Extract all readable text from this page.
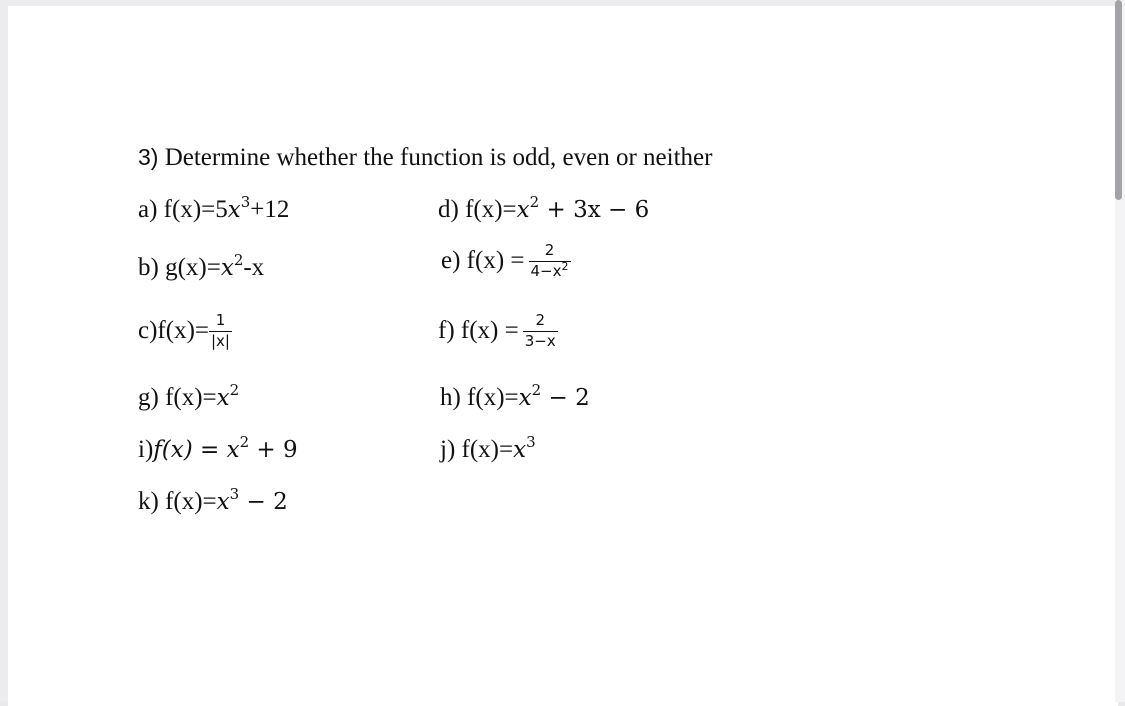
3) Determine whether the function is odd, even or neither
a) f(x)=5 $x^3 +12$	d) $f(x)= x^2 + 3x - 6$
b) $g(x)= x^2$ -x	e) $f(x) = \frac{2}{4-x^2}$
$c)f(x)= \frac{1}{|x|}$	f) $f(x) = \frac{2}{3-x}$
g) $f(x)= x^2$	h) $f(x)= x^2 - 2$
i) $f(x) = x^2 + 9$	j) $f(x)= x^3$
k) $f(x)= x^3 - 2$
